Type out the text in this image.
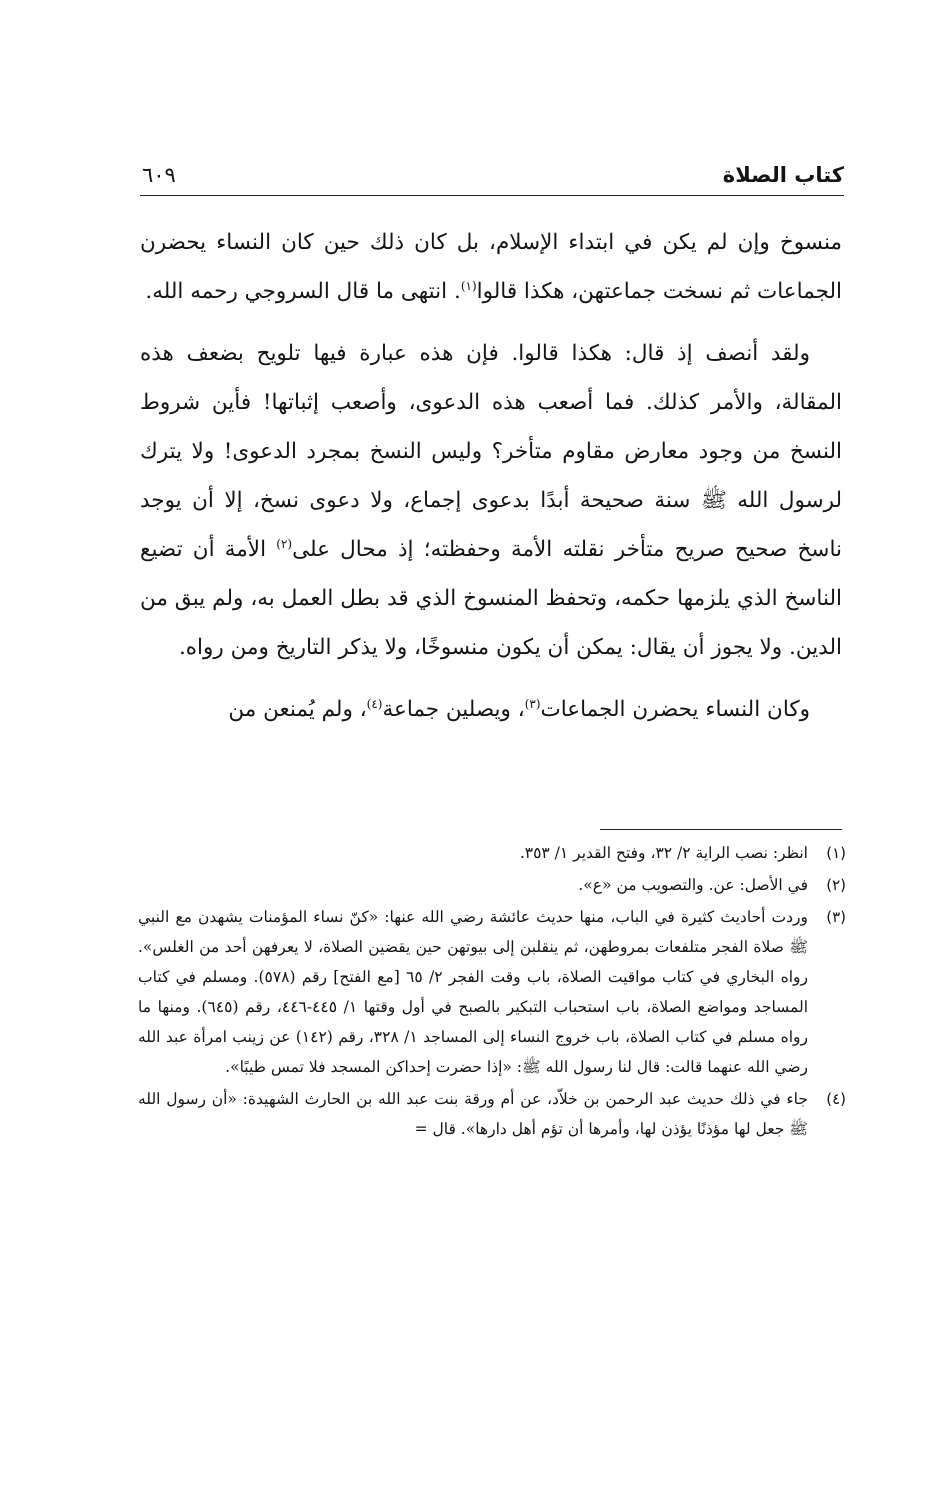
كتاب الصلاة
٦٠٩

منسوخ وإن لم يكن في ابتداء الإسلام، بل كان ذلك حين كان النساء يحضرن الجماعات ثم نسخت جماعتهن، هكذا قالوا$^{(١)}$. انتهى ما قال السروجي رحمه الله.

ولقد أنصف إذ قال: هكذا قالوا. فإن هذه عبارة فيها تلويح بضعف هذه المقالة، والأمر كذلك. فما أصعب هذه الدعوى، وأصعب إثباتها! فأين شروط النسخ من وجود معارض مقاوم متأخر؟ وليس النسخ بمجرد الدعوى! ولا يترك لرسول الله ﷺ سنة صحيحة أبدًا بدعوى إجماع، ولا دعوى نسخ، إلا أن يوجد ناسخ صحيح صريح متأخر نقلته الأمة وحفظته؛ إذ محال على$^{(٢)}$ الأمة أن تضيع الناسخ الذي يلزمها حكمه، وتحفظ المنسوخ الذي قد بطل العمل به، ولم يبق من الدين. ولا يجوز أن يقال: يمكن أن يكون منسوخًا، ولا يذكر التاريخ ومن رواه.

وكان النساء يحضرن الجماعات$^{(٣)}$، ويصلين جماعة$^{(٤)}$، ولم يُمنعن من

(١)
انظر: نصب الراية ٢/ ٣٢، وفتح القدير ١/ ٣٥٣.
(٢)
في الأصل: عن. والتصويب من «ع».
(٣)
وردت أحاديث كثيرة في الباب، منها حديث عائشة رضي الله عنها: «كنّ نساء المؤمنات يشهدن مع النبي ﷺ صلاة الفجر متلفعات بمروطهن، ثم ينقلبن إلى بيوتهن حين يقضين الصلاة، لا يعرفهن أحد من الغلس». رواه البخاري في كتاب مواقيت الصلاة، باب وقت الفجر ٢/ ٦٥ [مع الفتح] رقم (٥٧٨). ومسلم في كتاب المساجد ومواضع الصلاة، باب استحباب التبكير بالصبح في أول وقتها ١/ ٤٤٥-٤٤٦، رقم (٦٤٥). ومنها ما رواه مسلم في كتاب الصلاة، باب خروج النساء إلى المساجد ١/ ٣٢٨، رقم (١٤٢) عن زينب امرأة عبد الله رضي الله عنهما قالت: قال لنا رسول الله ﷺ: «إذا حضرت إحداكن المسجد فلا تمس طيبًا».
(٤)
جاء في ذلك حديث عبد الرحمن بن خلاّد، عن أم ورقة بنت عبد الله بن الحارث الشهيدة: «أن رسول الله ﷺ جعل لها مؤذنًا يؤذن لها، وأمرها أن تؤم أهل دارها». قال =
